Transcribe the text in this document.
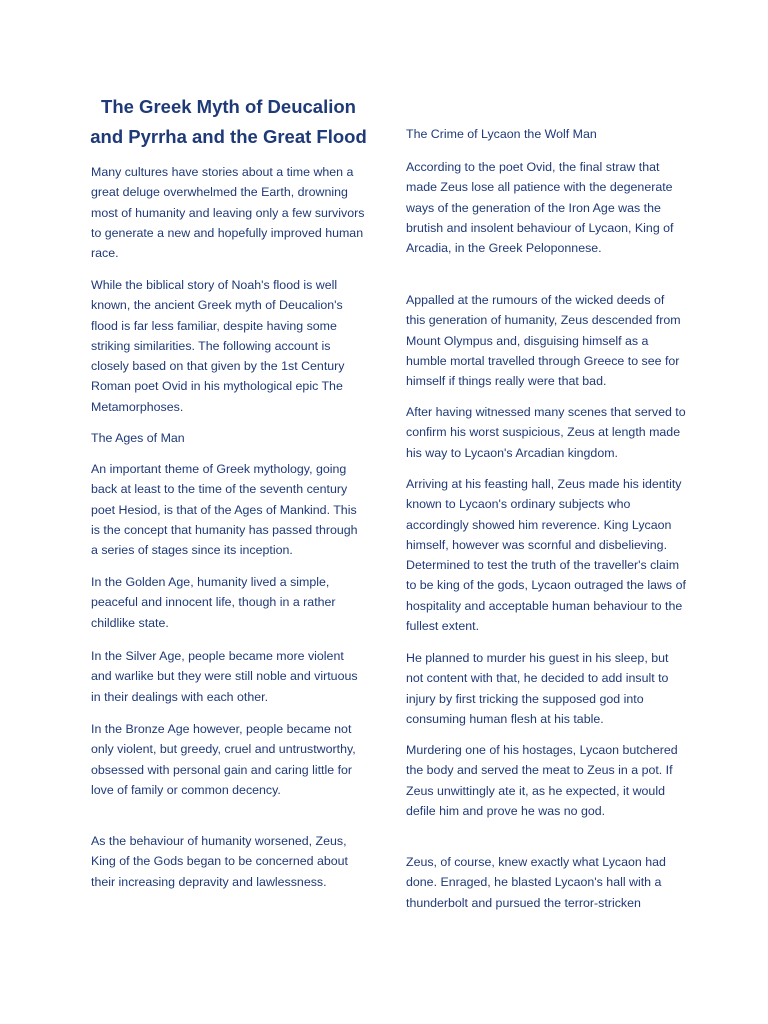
The Greek Myth of Deucalion
and Pyrrha and the Great Flood

Many cultures have stories about a time when a great deluge overwhelmed the Earth, drowning most of humanity and leaving only a few survivors to generate a new and hopefully improved human race.

While the biblical story of Noah's flood is well known, the ancient Greek myth of Deucalion's flood is far less familiar, despite having some striking similarities. The following account is closely based on that given by the 1st Century Roman poet Ovid in his mythological epic The Metamorphoses.

The Ages of Man

An important theme of Greek mythology, going back at least to the time of the seventh century poet Hesiod, is that of the Ages of Mankind. This is the concept that humanity has passed through a series of stages since its inception.

In the Golden Age, humanity lived a simple, peaceful and innocent life, though in a rather childlike state.

In the Silver Age, people became more violent and warlike but they were still noble and virtuous in their dealings with each other.

In the Bronze Age however, people became not only violent, but greedy, cruel and untrustworthy, obsessed with personal gain and caring little for love of family or common decency.

As the behaviour of humanity worsened, Zeus, King of the Gods began to be concerned about their increasing depravity and lawlessness.

The Crime of Lycaon the Wolf Man

According to the poet Ovid, the final straw that made Zeus lose all patience with the degenerate ways of the generation of the Iron Age was the brutish and insolent behaviour of Lycaon, King of Arcadia, in the Greek Peloponnese.

Appalled at the rumours of the wicked deeds of this generation of humanity, Zeus descended from Mount Olympus and, disguising himself as a humble mortal travelled through Greece to see for himself if things really were that bad.

After having witnessed many scenes that served to confirm his worst suspicious, Zeus at length made his way to Lycaon's Arcadian kingdom.

Arriving at his feasting hall, Zeus made his identity known to Lycaon's ordinary subjects who accordingly showed him reverence. King Lycaon himself, however was scornful and disbelieving. Determined to test the truth of the traveller's claim to be king of the gods, Lycaon outraged the laws of hospitality and acceptable human behaviour to the fullest extent.

He planned to murder his guest in his sleep, but not content with that, he decided to add insult to injury by first tricking the supposed god into consuming human flesh at his table.

Murdering one of his hostages, Lycaon butchered the body and served the meat to Zeus in a pot. If Zeus unwittingly ate it, as he expected, it would defile him and prove he was no god.

Zeus, of course, knew exactly what Lycaon had done. Enraged, he blasted Lycaon's hall with a thunderbolt and pursued the terror-stricken
